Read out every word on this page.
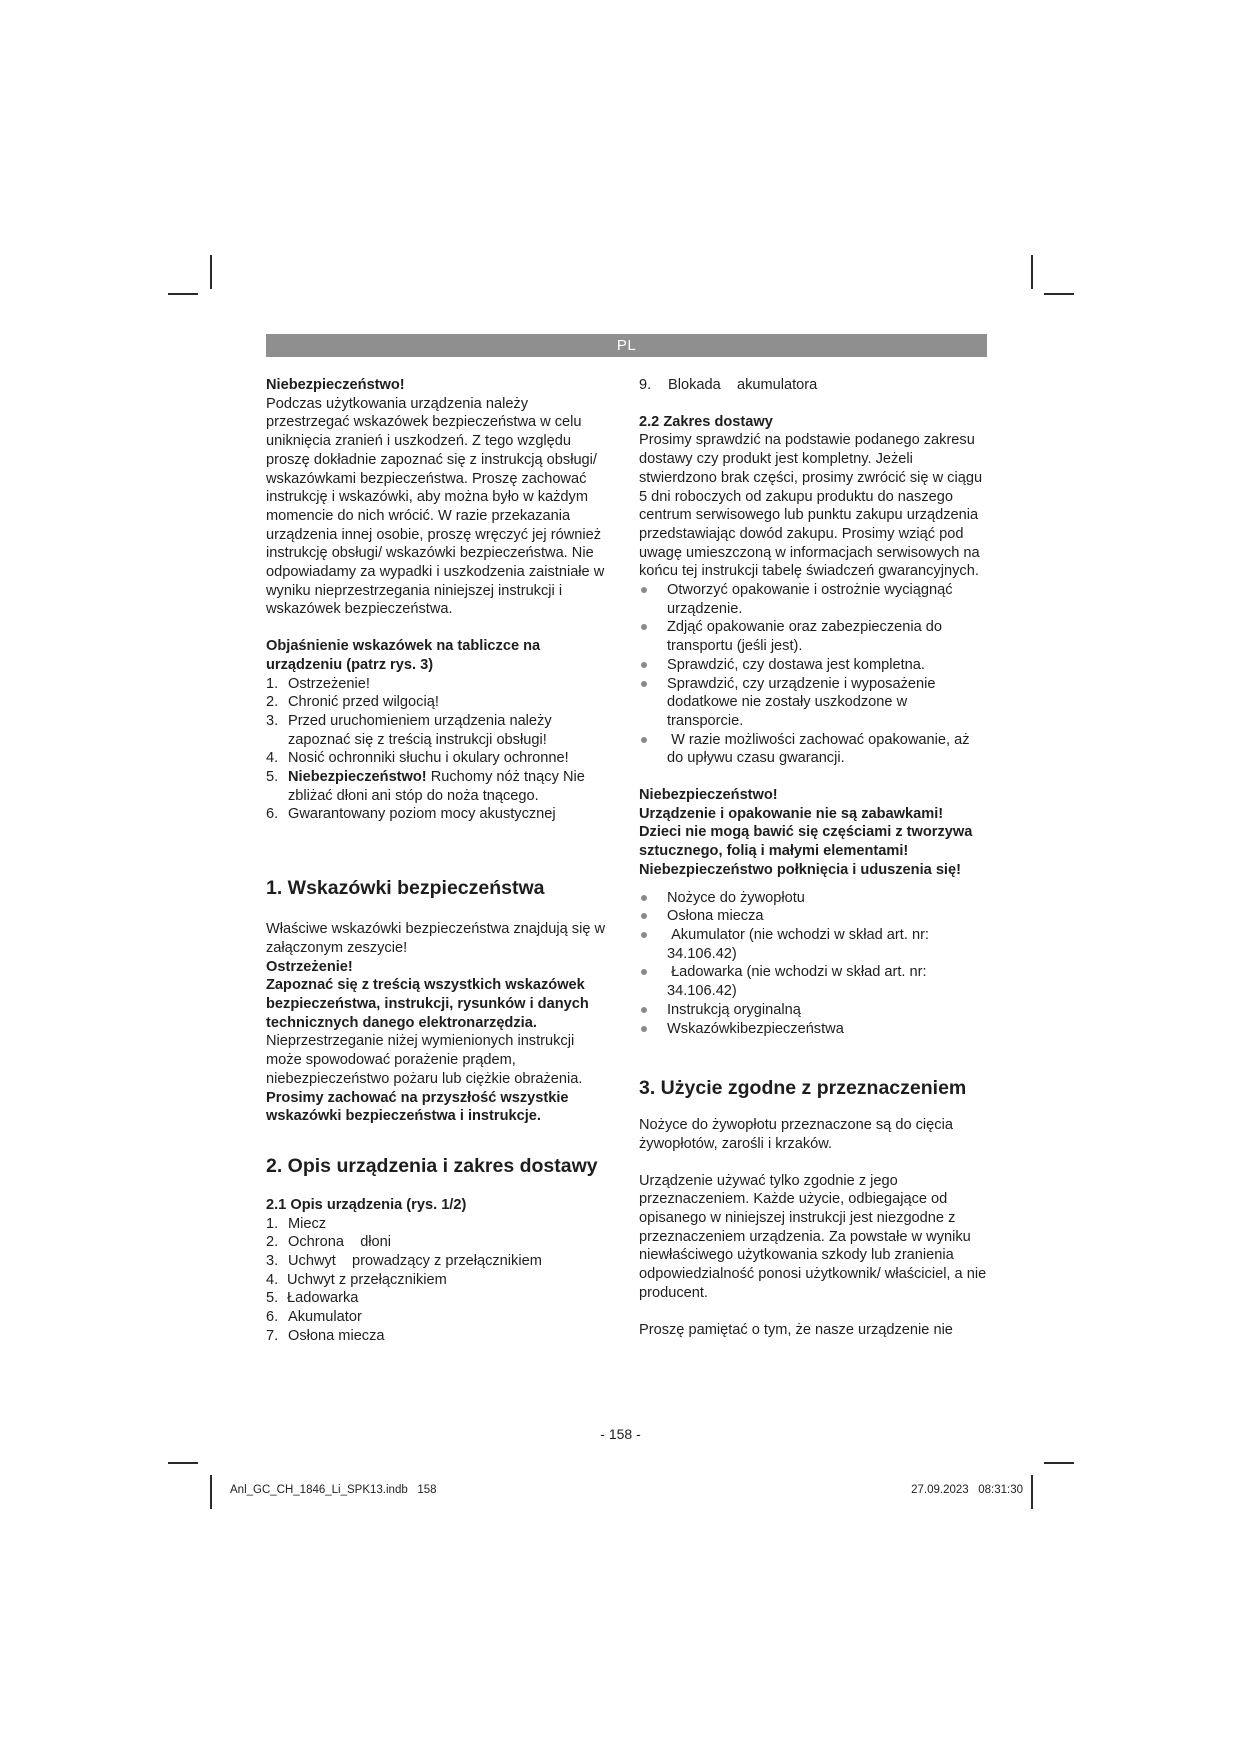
PL

Niebezpieczeństwo!

Podczas użytkowania urządzenia należy przestrzegać wskazówek bezpieczeństwa w celu uniknięcia zranień i uszkodzeń. Z tego względu proszę dokładnie zapoznać się z instrukcją obsługi/ wskazówkami bezpieczeństwa. Proszę zachować instrukcję i wskazówki, aby można było w każdym momencie do nich wrócić. W razie przekazania urządzenia innej osobie, proszę wręczyć jej również instrukcję obsługi/ wskazówki bezpieczeństwa. Nie odpowiadamy za wypadki i uszkodzenia zaistniałe w wyniku nieprzestrzegania niniejszej instrukcji i wskazówek bezpieczeństwa.

Objaśnienie wskazówek na tabliczce na urządzeniu (patrz rys. 3)

1. Ostrzeżenie!
2. Chronić przed wilgocią!
3. Przed uruchomieniem urządzenia należy zapoznać się z treścią instrukcji obsługi!
4. Nosić ochronniki słuchu i okulary ochronne!
5. Niebezpieczeństwo! Ruchomy nóż tnący Nie zbliżać dłoni ani stóp do noża tnącego.
6. Gwarantowany poziom mocy akustycznej

1. Wskazówki bezpieczeństwa

Właściwe wskazówki bezpieczeństwa znajdują się w załączonym zeszycie!

Ostrzeżenie!

Zapoznać się z treścią wszystkich wskazówek bezpieczeństwa, instrukcji, rysunków i danych technicznych danego elektronarzędzia. Nieprzestrzeganie niżej wymienionych instrukcji może spowodować porażenie prądem, niebezpieczeństwo pożaru lub ciężkie obrażenia.

Prosimy zachować na przyszłość wszystkie wskazówki bezpieczeństwa i instrukcje.

2. Opis urządzenia i zakres dostawy

2.1 Opis urządzenia (rys. 1/2)

1. Miecz
2. Ochrona    dłoni
3. Uchwyt    prowadzący z przełącznikiem
4. Uchwyt z przełącznikiem
5. Ładowarka
6. Akumulator
7. Osłona miecza
9. Blokada    akumulatora

2.2 Zakres dostawy

Prosimy sprawdzić na podstawie podanego zakresu dostawy czy produkt jest kompletny. Jeżeli stwierdzono brak części, prosimy zwrócić się w ciągu 5 dni roboczych od zakupu produktu do naszego centrum serwisowego lub punktu zakupu urządzenia przedstawiając dowód zakupu. Prosimy wziąć pod uwagę umieszczoną w informacjach serwisowych na końcu tej instrukcji tabelę świadczeń gwarancyjnych.

Otworzyć opakowanie i ostrożnie wyciągnąć urządzenie.
Zdjąć opakowanie oraz zabezpieczenia do transportu (jeśli jest).
Sprawdzić, czy dostawa jest kompletna.
Sprawdzić, czy urządzenie i wyposażenie dodatkowe nie zostały uszkodzone w transporcie.
W razie możliwości zachować opakowanie, aż do upływu czasu gwarancji.

Niebezpieczeństwo!

Urządzenie i opakowanie nie są zabawkami! Dzieci nie mogą bawić się częściami z tworzywa sztucznego, folią i małymi elementami! Niebezpieczeństwo połknięcia i uduszenia się!

Nożyce do żywopłotu
Osłona miecza
Akumulator (nie wchodzi w skład art. nr: 34.106.42)
Ładowarka (nie wchodzi w skład art. nr: 34.106.42)
Instrukcją oryginalną
Wskazówkibezpieczeństwa

3. Użycie zgodne z przeznaczeniem

Nożyce do żywopłotu przeznaczone są do cięcia żywopłotów, zarośli i krzaków.

Urządzenie używać tylko zgodnie z jego przeznaczeniem. Każde użycie, odbiegające od opisanego w niniejszej instrukcji jest niezgodne z przeznaczeniem urządzenia. Za powstałe w wyniku niewłaściwego użytkowania szkody lub zranienia odpowiedzialność ponosi użytkownik/ właściciel, a nie producent.

Proszę pamiętać o tym, że nasze urządzenie nie

- 158 -
Anl_GC_CH_1846_Li_SPK13.indb   158	27.09.2023   08:31:30
